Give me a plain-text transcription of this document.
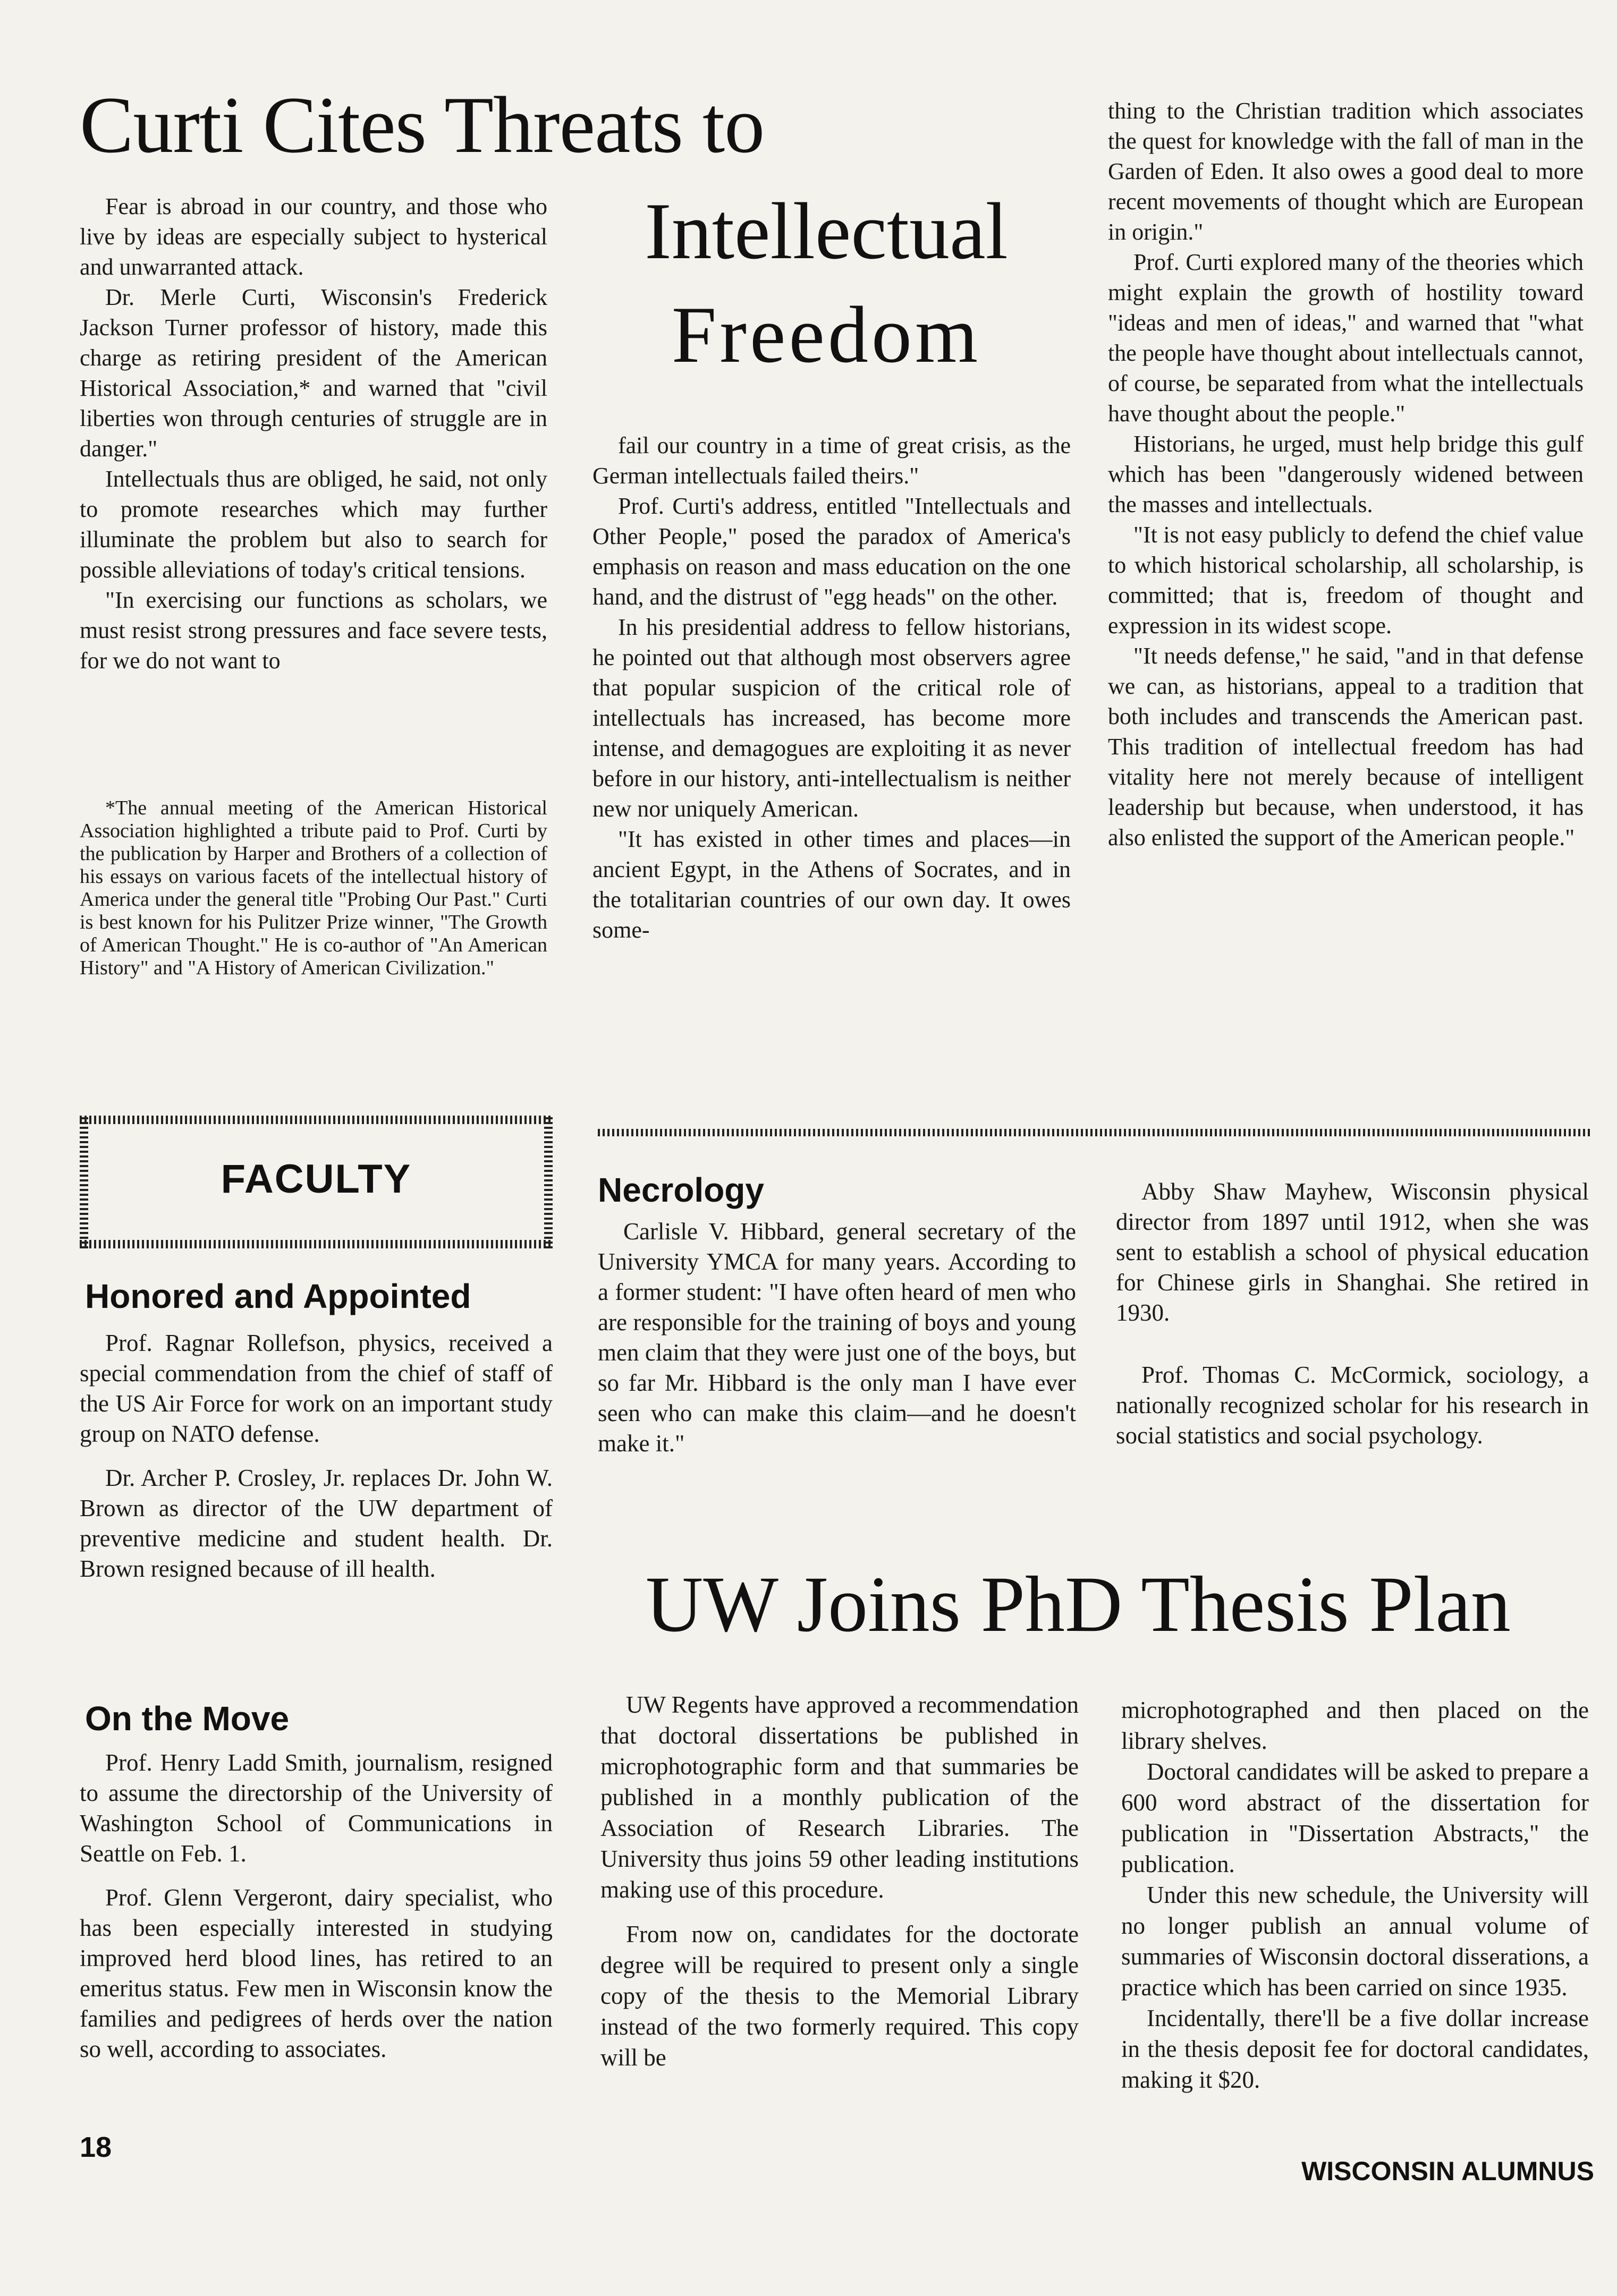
Curti Cites Threats to
Intellectual
Freedom

Fear is abroad in our country, and those who live by ideas are especially subject to hysterical and unwarranted attack.

Dr. Merle Curti, Wisconsin's Frederick Jackson Turner professor of history, made this charge as retiring president of the American Historical Association,* and warned that "civil liberties won through centuries of struggle are in danger."

Intellectuals thus are obliged, he said, not only to promote researches which may further illuminate the problem but also to search for possible alleviations of today's critical tensions.

"In exercising our functions as scholars, we must resist strong pressures and face severe tests, for we do not want to

*The annual meeting of the American Historical Association highlighted a tribute paid to Prof. Curti by the publication by Harper and Brothers of a collection of his essays on various facets of the intellectual history of America under the general title "Probing Our Past." Curti is best known for his Pulitzer Prize winner, "The Growth of American Thought." He is co-author of "An American History" and "A History of American Civilization."

fail our country in a time of great crisis, as the German intellectuals failed theirs."

Prof. Curti's address, entitled "Intellectuals and Other People," posed the paradox of America's emphasis on reason and mass education on the one hand, and the distrust of "egg heads" on the other.

In his presidential address to fellow historians, he pointed out that although most observers agree that popular suspicion of the critical role of intellectuals has increased, has become more intense, and demagogues are exploiting it as never before in our history, anti-intellectualism is neither new nor uniquely American.

"It has existed in other times and places—in ancient Egypt, in the Athens of Socrates, and in the totalitarian countries of our own day. It owes some-

thing to the Christian tradition which associates the quest for knowledge with the fall of man in the Garden of Eden. It also owes a good deal to more recent movements of thought which are European in origin."

Prof. Curti explored many of the theories which might explain the growth of hostility toward "ideas and men of ideas," and warned that "what the people have thought about intellectuals cannot, of course, be separated from what the intellectuals have thought about the people."

Historians, he urged, must help bridge this gulf which has been "dangerously widened between the masses and intellectuals.

"It is not easy publicly to defend the chief value to which historical scholarship, all scholarship, is committed; that is, freedom of thought and expression in its widest scope.

"It needs defense," he said, "and in that defense we can, as historians, appeal to a tradition that both includes and transcends the American past. This tradition of intellectual freedom has had vitality here not merely because of intelligent leadership but because, when understood, it has also enlisted the support of the American people."

FACULTY
Honored and Appointed

Prof. Ragnar Rollefson, physics, received a special commendation from the chief of staff of the US Air Force for work on an important study group on NATO defense.

Dr. Archer P. Crosley, Jr. replaces Dr. John W. Brown as director of the UW department of preventive medicine and student health. Dr. Brown resigned because of ill health.

On the Move

Prof. Henry Ladd Smith, journalism, resigned to assume the directorship of the University of Washington School of Communications in Seattle on Feb. 1.

Prof. Glenn Vergeront, dairy specialist, who has been especially interested in studying improved herd blood lines, has retired to an emeritus status. Few men in Wisconsin know the families and pedigrees of herds over the nation so well, according to associates.

Necrology

Carlisle V. Hibbard, general secretary of the University YMCA for many years. According to a former student: "I have often heard of men who are responsible for the training of boys and young men claim that they were just one of the boys, but so far Mr. Hibbard is the only man I have ever seen who can make this claim—and he doesn't make it."

Abby Shaw Mayhew, Wisconsin physical director from 1897 until 1912, when she was sent to establish a school of physical education for Chinese girls in Shanghai. She retired in 1930.

Prof. Thomas C. McCormick, sociology, a nationally recognized scholar for his research in social statistics and social psychology.

UW Joins PhD Thesis Plan

UW Regents have approved a recommendation that doctoral dissertations be published in microphotographic form and that summaries be published in a monthly publication of the Association of Research Libraries. The University thus joins 59 other leading institutions making use of this procedure.

From now on, candidates for the doctorate degree will be required to present only a single copy of the thesis to the Memorial Library instead of the two formerly required. This copy will be

microphotographed and then placed on the library shelves.

Doctoral candidates will be asked to prepare a 600 word abstract of the dissertation for publication in "Dissertation Abstracts," the publication.

Under this new schedule, the University will no longer publish an annual volume of summaries of Wisconsin doctoral disserations, a practice which has been carried on since 1935.

Incidentally, there'll be a five dollar increase in the thesis deposit fee for doctoral candidates, making it $20.

18
WISCONSIN ALUMNUS
